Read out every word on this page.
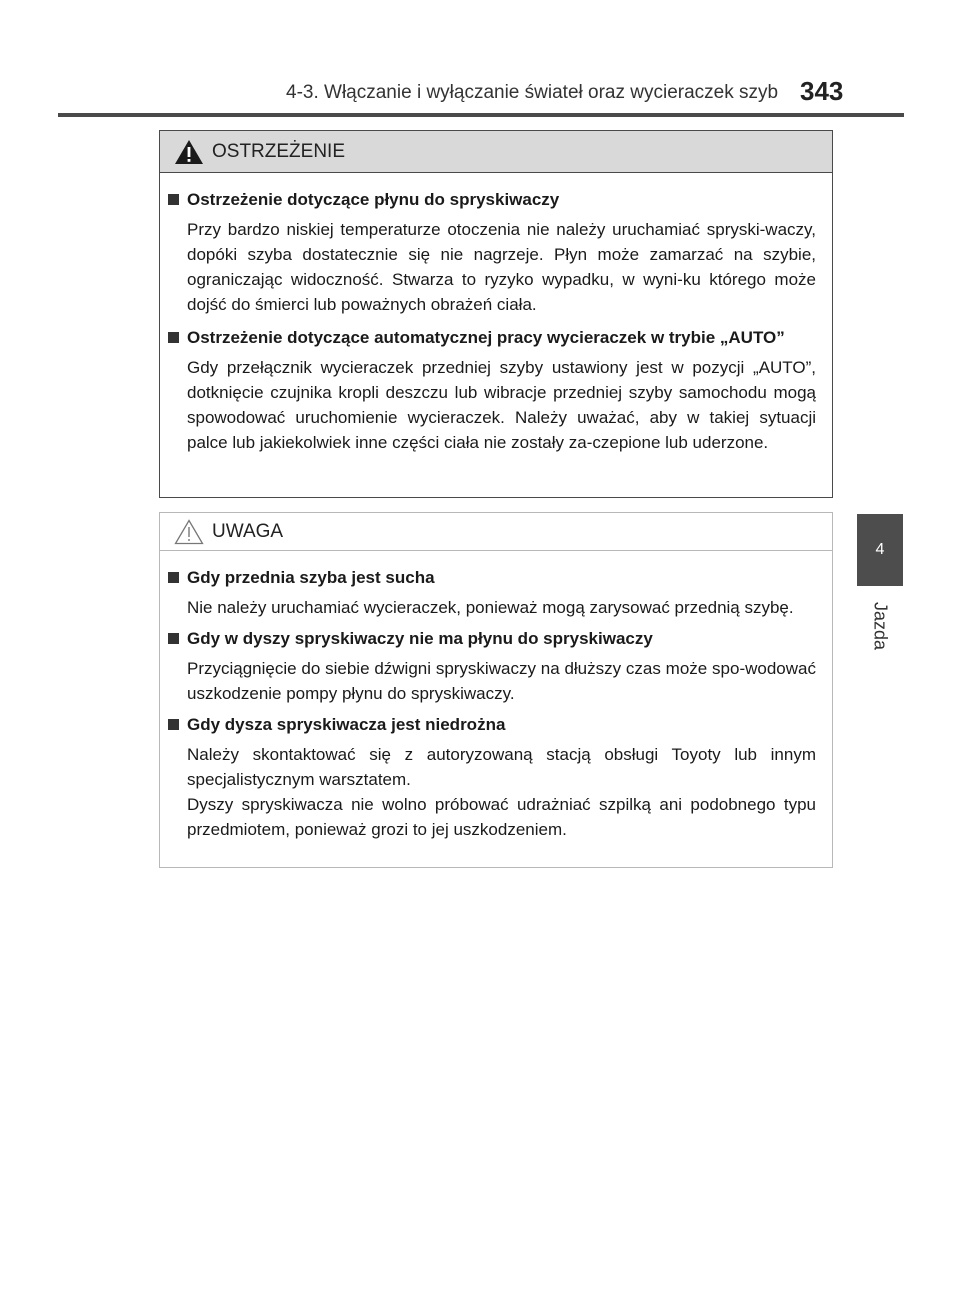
4-3. Włączanie i wyłączanie świateł oraz wycieraczek szyb 343
4
Jazda
OSTRZEŻENIE
Ostrzeżenie dotyczące płynu do spryskiwaczy

Przy bardzo niskiej temperaturze otoczenia nie należy uruchamiać spryski-waczy, dopóki szyba dostatecznie się nie nagrzeje. Płyn może zamarzać na szybie, ograniczając widoczność. Stwarza to ryzyko wypadku, w wyni-ku którego może dojść do śmierci lub poważnych obrażeń ciała.

Ostrzeżenie dotyczące automatycznej pracy wycieraczek w trybie „AUTO”

Gdy przełącznik wycieraczek przedniej szyby ustawiony jest w pozycji „AUTO”, dotknięcie czujnika kropli deszczu lub wibracje przedniej szyby samochodu mogą spowodować uruchomienie wycieraczek. Należy uważać, aby w takiej sytuacji palce lub jakiekolwiek inne części ciała nie zostały za-czepione lub uderzone.

UWAGA
Gdy przednia szyba jest sucha

Nie należy uruchamiać wycieraczek, ponieważ mogą zarysować przednią szybę.

Gdy w dyszy spryskiwaczy nie ma płynu do spryskiwaczy

Przyciągnięcie do siebie dźwigni spryskiwaczy na dłuższy czas może spo-wodować uszkodzenie pompy płynu do spryskiwaczy.

Gdy dysza spryskiwacza jest niedrożna

Należy skontaktować się z autoryzowaną stacją obsługi Toyoty lub innym specjalistycznym warsztatem.

Dyszy spryskiwacza nie wolno próbować udrażniać szpilką ani podobnego typu przedmiotem, ponieważ grozi to jej uszkodzeniem.
